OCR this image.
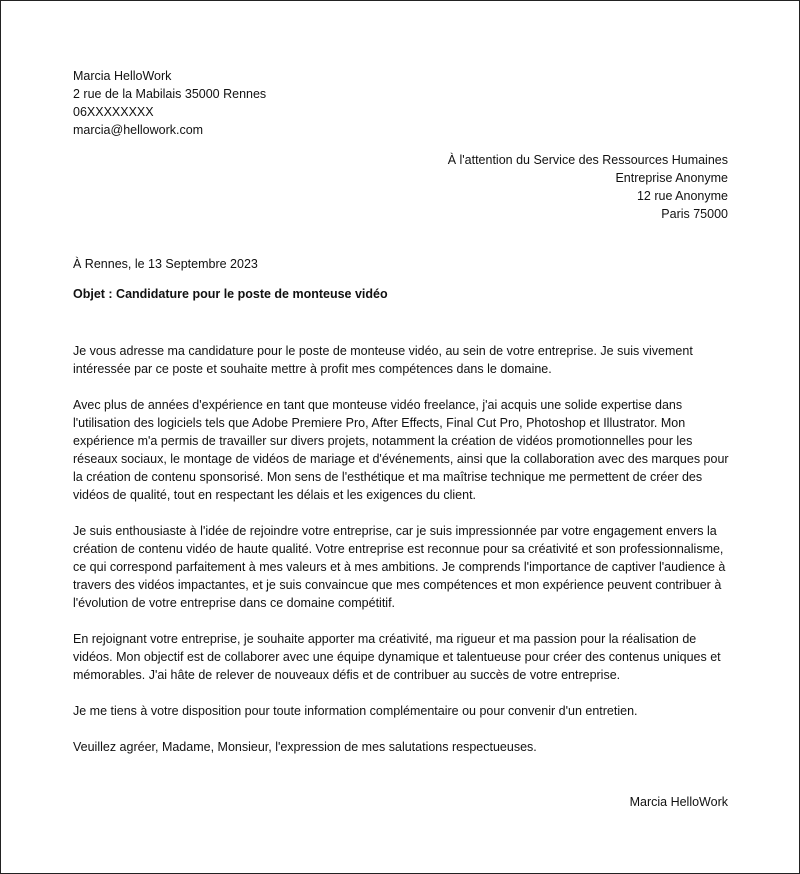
Marcia HelloWork
2 rue de la Mabilais 35000 Rennes
06XXXXXXXX
marcia@hellowork.com
À l'attention du Service des Ressources Humaines
Entreprise Anonyme
12 rue Anonyme
Paris 75000
À Rennes, le 13 Septembre 2023
Objet : Candidature pour le poste de monteuse vidéo

Je vous adresse ma candidature pour le poste de monteuse vidéo, au sein de votre entreprise. Je suis vivement intéressée par ce poste et souhaite mettre à profit mes compétences dans le domaine.

Avec plus de années d'expérience en tant que monteuse vidéo freelance, j'ai acquis une solide expertise dans l'utilisation des logiciels tels que Adobe Premiere Pro, After Effects, Final Cut Pro, Photoshop et Illustrator. Mon expérience m'a permis de travailler sur divers projets, notamment la création de vidéos promotionnelles pour les réseaux sociaux, le montage de vidéos de mariage et d'événements, ainsi que la collaboration avec des marques pour la création de contenu sponsorisé. Mon sens de l'esthétique et ma maîtrise technique me permettent de créer des vidéos de qualité, tout en respectant les délais et les exigences du client.

Je suis enthousiaste à l'idée de rejoindre votre entreprise, car je suis impressionnée par votre engagement envers la création de contenu vidéo de haute qualité. Votre entreprise est reconnue pour sa créativité et son professionnalisme, ce qui correspond parfaitement à mes valeurs et à mes ambitions. Je comprends l'importance de captiver l'audience à travers des vidéos impactantes, et je suis convaincue que mes compétences et mon expérience peuvent contribuer à l'évolution de votre entreprise dans ce domaine compétitif.

En rejoignant votre entreprise, je souhaite apporter ma créativité, ma rigueur et ma passion pour la réalisation de vidéos. Mon objectif est de collaborer avec une équipe dynamique et talentueuse pour créer des contenus uniques et mémorables. J'ai hâte de relever de nouveaux défis et de contribuer au succès de votre entreprise.

Je me tiens à votre disposition pour toute information complémentaire ou pour convenir d'un entretien.

Veuillez agréer, Madame, Monsieur, l'expression de mes salutations respectueuses.

Marcia HelloWork
